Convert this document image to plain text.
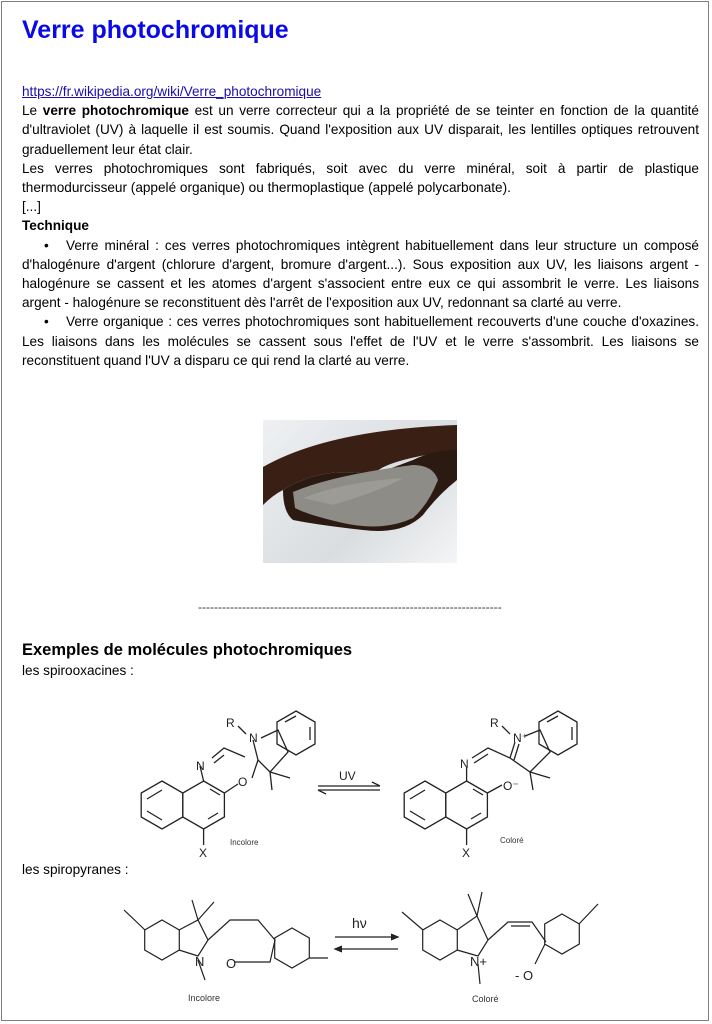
Verre photochromique

https://fr.wikipedia.org/wiki/Verre_photochromique

Le verre photochromique est un verre correcteur qui a la propriété de se teinter en fonction de la quantité d'ultraviolet (UV) à laquelle il est soumis. Quand l'exposition aux UV disparait, les lentilles optiques retrouvent graduellement leur état clair.

Les verres photochromiques sont fabriqués, soit avec du verre minéral, soit à partir de plastique thermodurcisseur (appelé organique) ou thermoplastique (appelé polycarbonate).

[...]

Technique

• Verre minéral : ces verres photochromiques intègrent habituellement dans leur structure un composé d'halogénure d'argent (chlorure d'argent, bromure d'argent...). Sous exposition aux UV, les liaisons argent - halogénure se cassent et les atomes d'argent s'associent entre eux ce qui assombrit le verre. Les liaisons argent - halogénure se reconstituent dès l'arrêt de l'exposition aux UV, redonnant sa clarté au verre.
• Verre organique : ces verres photochromiques sont habituellement recouverts d'une couche d'oxazines. Les liaisons dans les molécules se cassent sous l'effet de l'UV et le verre s'assombrit. Les liaisons se reconstituent quand l'UV a disparu ce qui rend la clarté au verre.
----------------------------------------------------------------------------
Exemples de molécules photochromiques
les spirooxacines :
N
O
N
R
X
Incolore
UV
N
O⁻
N⁺
R
X
Coloré
les spiropyranes :
N O
Incolore
hν
N+
- O
Coloré
